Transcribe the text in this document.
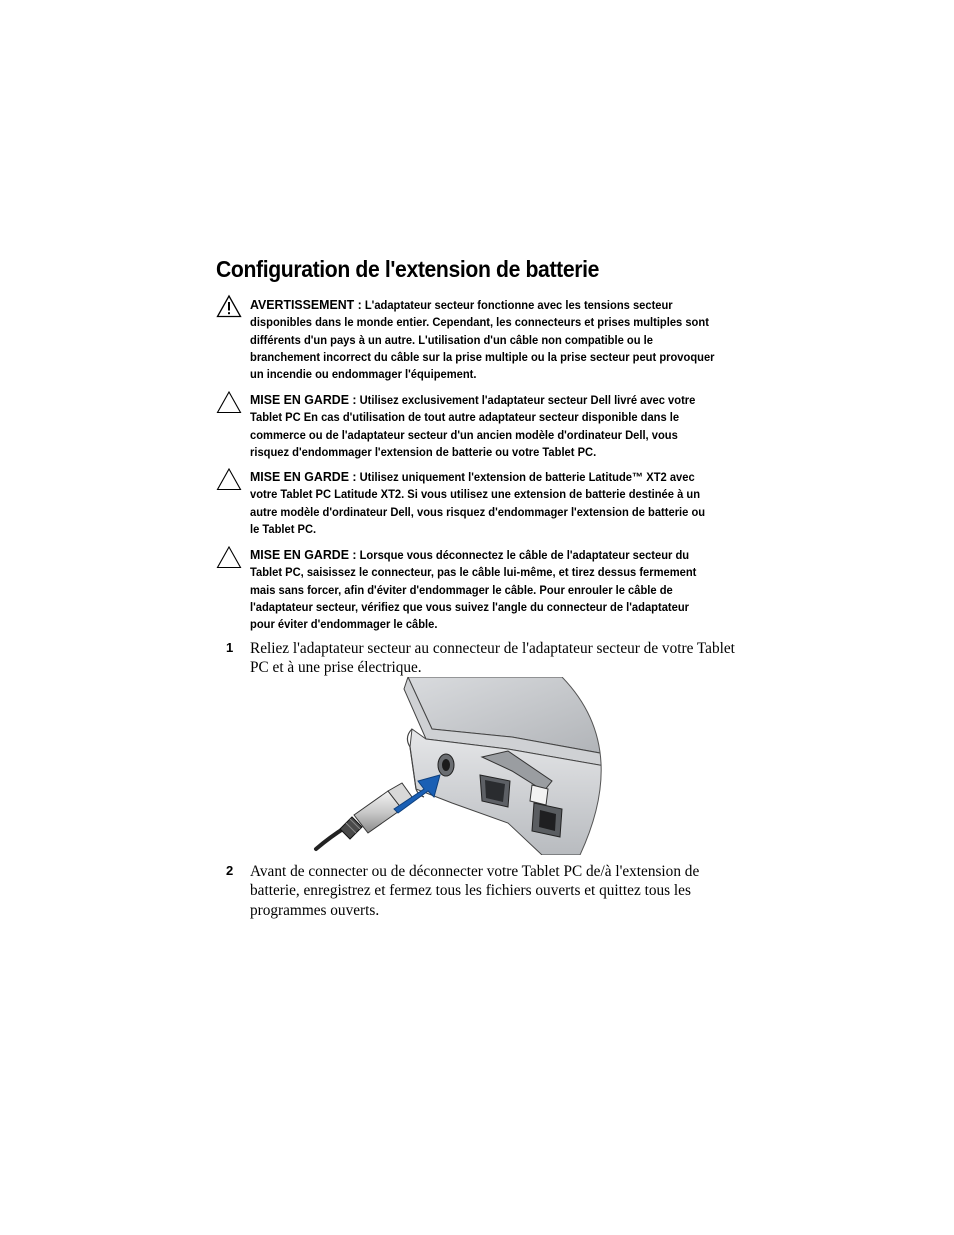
Configuration de l'extension de batterie
AVERTISSEMENT : L'adaptateur secteur fonctionne avec les tensions secteur disponibles dans le monde entier. Cependant, les connecteurs et prises multiples sont différents d'un pays à un autre. L'utilisation d'un câble non compatible ou le branchement incorrect du câble sur la prise multiple ou la prise secteur peut provoquer un incendie ou endommager l'équipement.
MISE EN GARDE : Utilisez exclusivement l'adaptateur secteur Dell livré avec votre Tablet PC En cas d'utilisation de tout autre adaptateur secteur disponible dans le commerce ou de l'adaptateur secteur d'un ancien modèle d'ordinateur Dell, vous risquez d'endommager l'extension de batterie ou votre Tablet PC.
MISE EN GARDE : Utilisez uniquement l'extension de batterie Latitude™ XT2 avec votre Tablet PC Latitude XT2. Si vous utilisez une extension de batterie destinée à un autre modèle d'ordinateur Dell, vous risquez d'endommager l'extension de batterie ou le Tablet PC.
MISE EN GARDE : Lorsque vous déconnectez le câble de l'adaptateur secteur du Tablet PC, saisissez le connecteur, pas le câble lui-même, et tirez dessus fermement mais sans forcer, afin d'éviter d'endommager le câble. Pour enrouler le câble de l'adaptateur secteur, vérifiez que vous suivez l'angle du connecteur de l'adaptateur pour éviter d'endommager le câble.
1 Reliez l'adaptateur secteur au connecteur de l'adaptateur secteur de votre Tablet PC et à une prise électrique.
2 Avant de connecter ou de déconnecter votre Tablet PC de/à l'extension de batterie, enregistrez et fermez tous les fichiers ouverts et quittez tous les programmes ouverts.
